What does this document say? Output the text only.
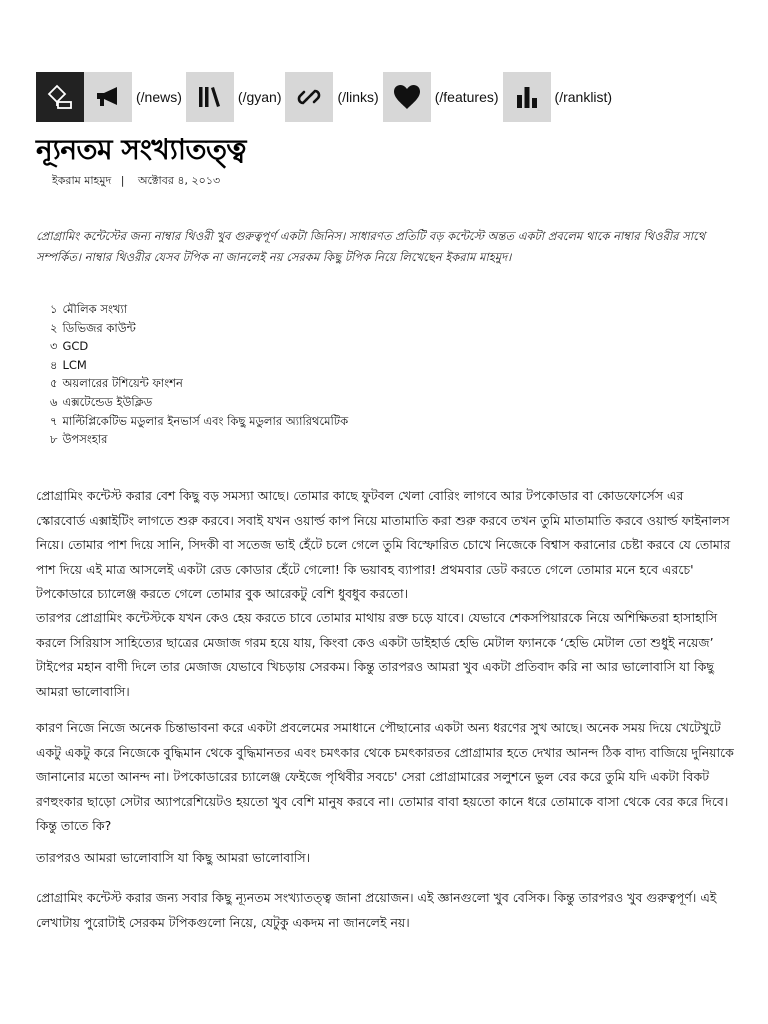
(/news)	(/gyan)	(/links)	(/features)	(/ranklist)
ন্যূনতম সংখ্যাতত্ত্ব
ইকরাম মাহমুদ | অক্টোবর ৪, ২০১৩

প্রোগ্রামিং কন্টেস্টের জন্য নাম্বার থিওরী খুব গুরুত্বপূর্ণ একটা জিনিস। সাধারণত প্রতিটি বড় কন্টেস্টে অন্তত একটা প্রবলেম থাকে নাম্বার থিওরীর সাথে সম্পর্কিত। নাম্বার থিওরীর যেসব টপিক না জানলেই নয় সেরকম কিছু টপিক নিয়ে লিখেছেন ইকরাম মাহমুদ।

১ মৌলিক সংখ্যা
২ ডিভিজর কাউন্ট
৩ GCD
৪ LCM
৫ অয়লারের টশিয়েন্ট ফাংশন
৬ এক্সটেন্ডেড ইউক্লিড
৭ মাল্টিপ্লিকেটিভ মডুলার ইনভার্স এবং কিছু মডুলার অ্যারিথমেটিক
৮ উপসংহার

প্রোগ্রামিং কন্টেস্ট করার বেশ কিছু বড় সমস্যা আছে। তোমার কাছে ফুটবল খেলা বোরিং লাগবে আর টপকোডার বা কোডফোর্সেস এর স্কোরবোর্ড এক্সাইটিং লাগতে শুরু করবে। সবাই যখন ওয়ার্ল্ড কাপ নিয়ে মাতামাতি করা শুরু করবে তখন তুমি মাতামাতি করবে ওয়ার্ল্ড ফাইনালস নিয়ে। তোমার পাশ দিয়ে সানি, সিদকী বা সতেজ ভাই হেঁটে চলে গেলে তুমি বিস্ফোরিত চোখে নিজেকে বিশ্বাস করানোর চেষ্টা করবে যে তোমার পাশ দিয়ে এই মাত্র আসলেই একটা রেড কোডার হেঁটে গেলো! কি ভয়াবহ ব্যাপার! প্রথমবার ডেট করতে গেলে তোমার মনে হবে এরচে' টপকোডারে চ্যালেঞ্জ করতে গেলে তোমার বুক আরেকটু বেশি ধুবধুব করতো।

তারপর প্রোগ্রামিং কন্টেস্টকে যখন কেও হেয় করতে চাবে তোমার মাথায় রক্ত চড়ে যাবে। যেভাবে শেকসপিয়ারকে নিয়ে অশিক্ষিতরা হাসাহাসি করলে সিরিয়াস সাহিত্যের ছাত্রের মেজাজ গরম হয়ে যায়, কিংবা কেও একটা ডাইহার্ড হেভি মেটাল ফ্যানকে ‘হেভি মেটাল তো শুধুই নয়েজ’ টাইপের মহান বাণী দিলে তার মেজাজ যেভাবে খিচড়ায় সেরকম। কিন্তু তারপরও আমরা খুব একটা প্রতিবাদ করি না আর ভালোবাসি যা কিছু আমরা ভালোবাসি।

কারণ নিজে নিজে অনেক চিন্তাভাবনা করে একটা প্রবলেমের সমাধানে পৌছানোর একটা অন্য ধরণের সুখ আছে। অনেক সময় দিয়ে খেটেখুটে একটু একটু করে নিজেকে বুদ্ধিমান থেকে বুদ্ধিমানতর এবং চমৎকার থেকে চমৎকারতর প্রোগ্রামার হতে দেখার আনন্দ ঠিক বাদ্য বাজিয়ে দুনিয়াকে জানানোর মতো আনন্দ না। টপকোডারের চ্যালেঞ্জ ফেইজে পৃথিবীর সবচে' সেরা প্রোগ্রামারের সলুশনে ভুল বের করে তুমি যদি একটা বিকট রণহুংকার ছাড়ো সেটার অ্যাপরেশিয়েটও হয়তো খুব বেশি মানুষ করবে না। তোমার বাবা হয়তো কানে ধরে তোমাকে বাসা থেকে বের করে দিবে। কিন্তু তাতে কি?

তারপরও আমরা ভালোবাসি যা কিছু আমরা ভালোবাসি।

প্রোগ্রামিং কন্টেস্ট করার জন্য সবার কিছু ন্যূনতম সংখ্যাতত্ত্ব জানা প্রয়োজন। এই জ্ঞানগুলো খুব বেসিক। কিন্তু তারপরও খুব গুরুত্বপূর্ণ। এই লেখাটায় পুরোটাই সেরকম টপিকগুলো নিয়ে, যেটুকু একদম না জানলেই নয়।
